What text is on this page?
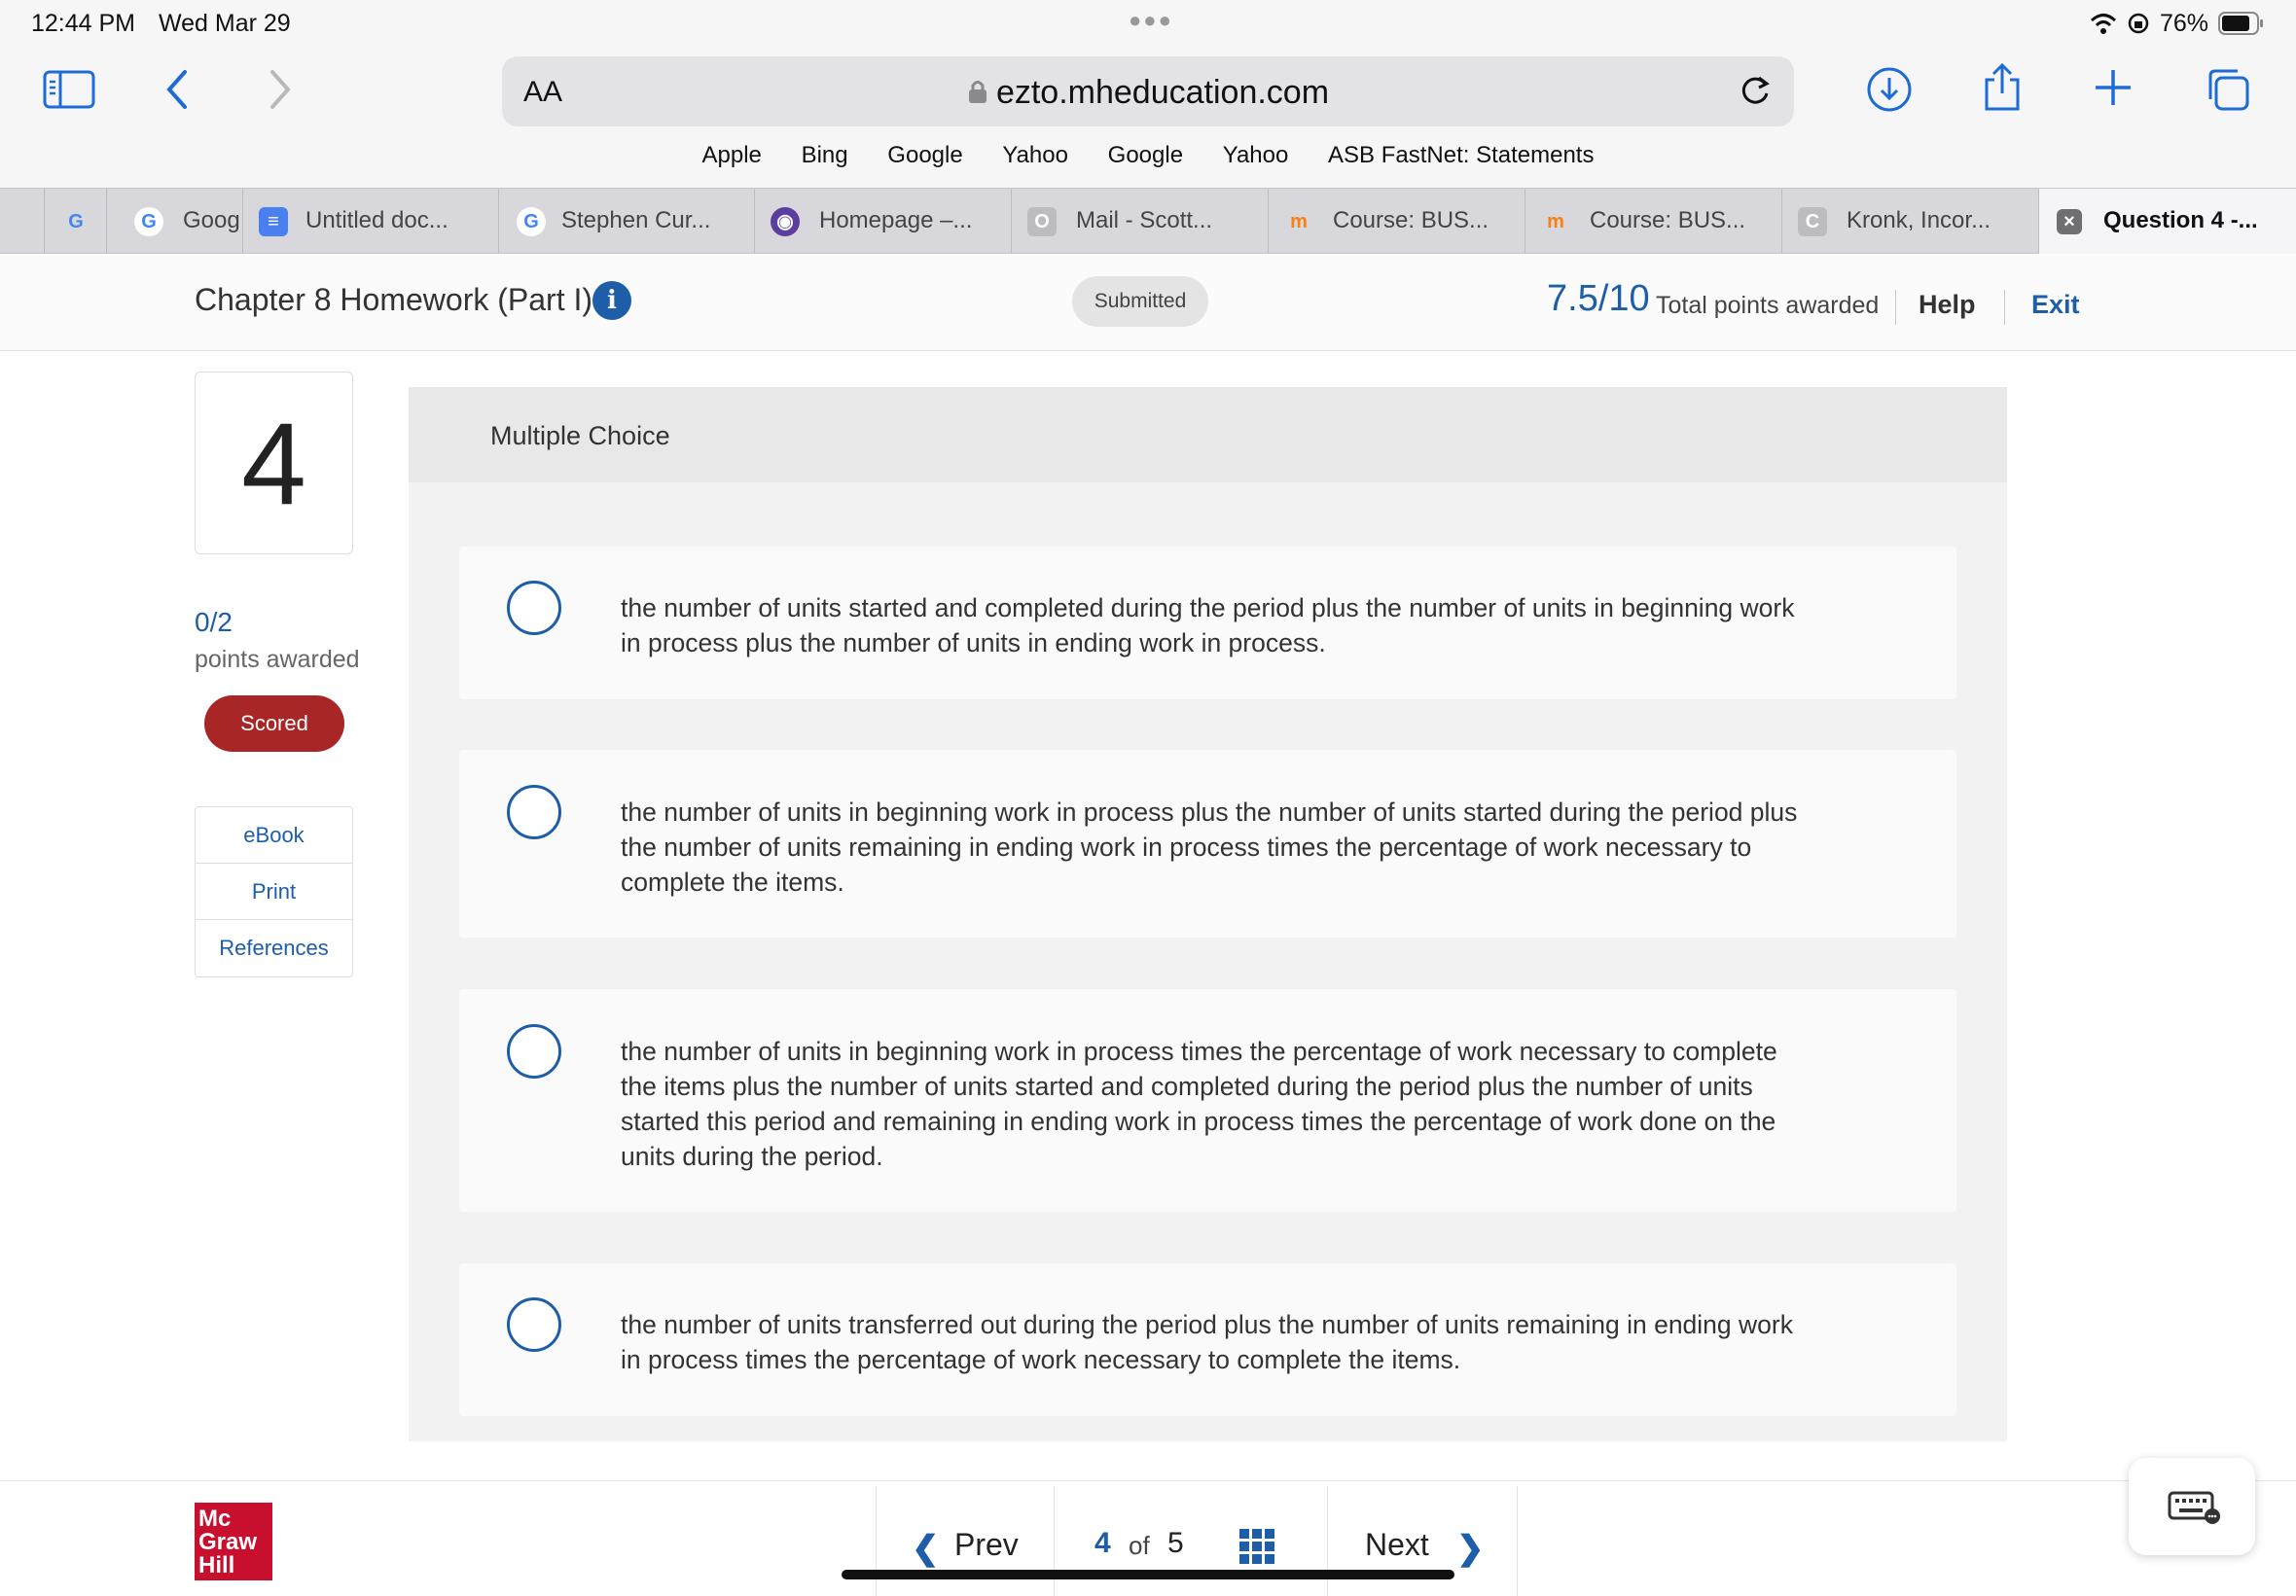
12:44 PM Wed Mar 29	●●●	76%
AA	ezto.mheducation.com
Apple Bing Google Yahoo Google Yahoo ASB FastNet: Statements
G	G	Goog	≡	Untitled doc...	G Stephen Cur...	◉ Homepage –...	O	Mail - Scott...	m Course: BUS...	m Course: BUS...	C	Kronk, Incor...	× Question 4 -...
Chapter 8 Homework (Part I) i	Submitted	7.5/10 Total points awarded Help Exit
4
0/2
points awarded
Scored
eBook
Print
References
Multiple Choice
the number of units started and completed during the period plus the number of units in beginning work in process plus the number of units in ending work in process.
the number of units in beginning work in process plus the number of units started during the period plus the number of units remaining in ending work in process times the percentage of work necessary to complete the items.
the number of units in beginning work in process times the percentage of work necessary to complete the items plus the number of units started and completed during the period plus the number of units started this period and remaining in ending work in process times the percentage of work done on the units during the period.
the number of units transferred out during the period plus the number of units remaining in ending work in process times the percentage of work necessary to complete the items.
Mc
Graw
Hill	❮ Prev	4 of 5	Next ❯
